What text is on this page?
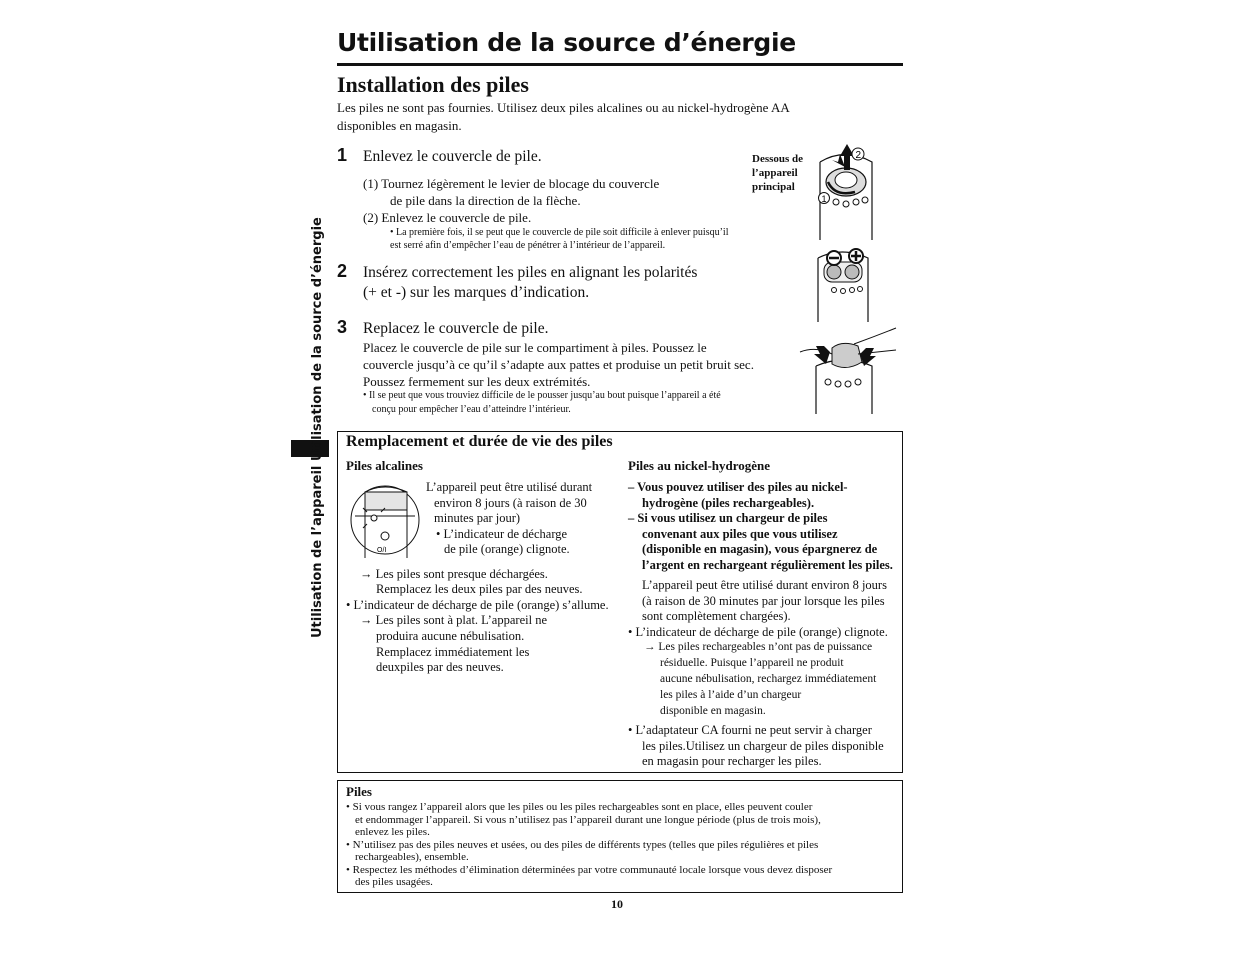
Utilisation de la source d’énergie
Installation des piles
Les piles ne sont pas fournies. Utilisez deux piles alcalines ou au nickel-hydrogène AA disponibles en magasin.
Utilisation de l’appareil Utilisation de la source d’énergie
1 Enlevez le couvercle de pile.
(1) Tournez légèrement le levier de blocage du couvercle
de pile dans la direction de la flèche.
(2) Enlevez le couvercle de pile.
• La première fois, il se peut que le couvercle de pile soit difficile à enlever puisqu’il
est serré afin d’empêcher l’eau de pénétrer à l’intérieur de l’appareil.
Dessous de
l’appareil
principal
2
1
2 Insérez correctement les piles en alignant les polarités
(+ et -) sur les marques d’indication.
3 Replacez le couvercle de pile.
Placez le couvercle de pile sur le compartiment à piles. Poussez le
couvercle jusqu’à ce qu’il s’adapte aux pattes et produise un petit bruit sec.
Poussez fermement sur les deux extrémités.
• Il se peut que vous trouviez difficile de le pousser jusqu’au bout puisque l’appareil a été
conçu pour empêcher l’eau d’atteindre l’intérieur.
Remplacement et durée de vie des piles
Piles alcalines
O/I
L’appareil peut être utilisé durant
environ 8 jours (à raison de 30
minutes par jour)
• L’indicateur de décharge
de pile (orange) clignote.
→ Les piles sont presque déchargées.
Remplacez les deux piles par des neuves.
• L’indicateur de décharge de pile (orange) s’allume.
→ Les piles sont à plat. L’appareil ne
produira aucune nébulisation.
Remplacez immédiatement les
deuxpiles par des neuves.
Piles au nickel-hydrogène
– Vous pouvez utiliser des piles au nickel-
hydrogène (piles rechargeables).
– Si vous utilisez un chargeur de piles
convenant aux piles que vous utilisez
(disponible en magasin), vous épargnerez de
l’argent en rechargeant régulièrement les piles.
L’appareil peut être utilisé durant environ 8 jours
(à raison de 30 minutes par jour lorsque les piles
sont complètement chargées).
• L’indicateur de décharge de pile (orange) clignote.
→ Les piles rechargeables n’ont pas de puissance
résiduelle. Puisque l’appareil ne produit
aucune nébulisation, rechargez immédiatement
les piles à l’aide d’un chargeur
disponible en magasin.
• L’adaptateur CA fourni ne peut servir à charger
les piles.Utilisez un chargeur de piles disponible
en magasin pour recharger les piles.
Piles
• Si vous rangez l’appareil alors que les piles ou les piles rechargeables sont en place, elles peuvent couler
et endommager l’appareil. Si vous n’utilisez pas l’appareil durant une longue période (plus de trois mois),
enlevez les piles.
• N’utilisez pas des piles neuves et usées, ou des piles de différents types (telles que piles régulières et piles
rechargeables), ensemble.
• Respectez les méthodes d’élimination déterminées par votre communauté locale lorsque vous devez disposer
des piles usagées.
10
